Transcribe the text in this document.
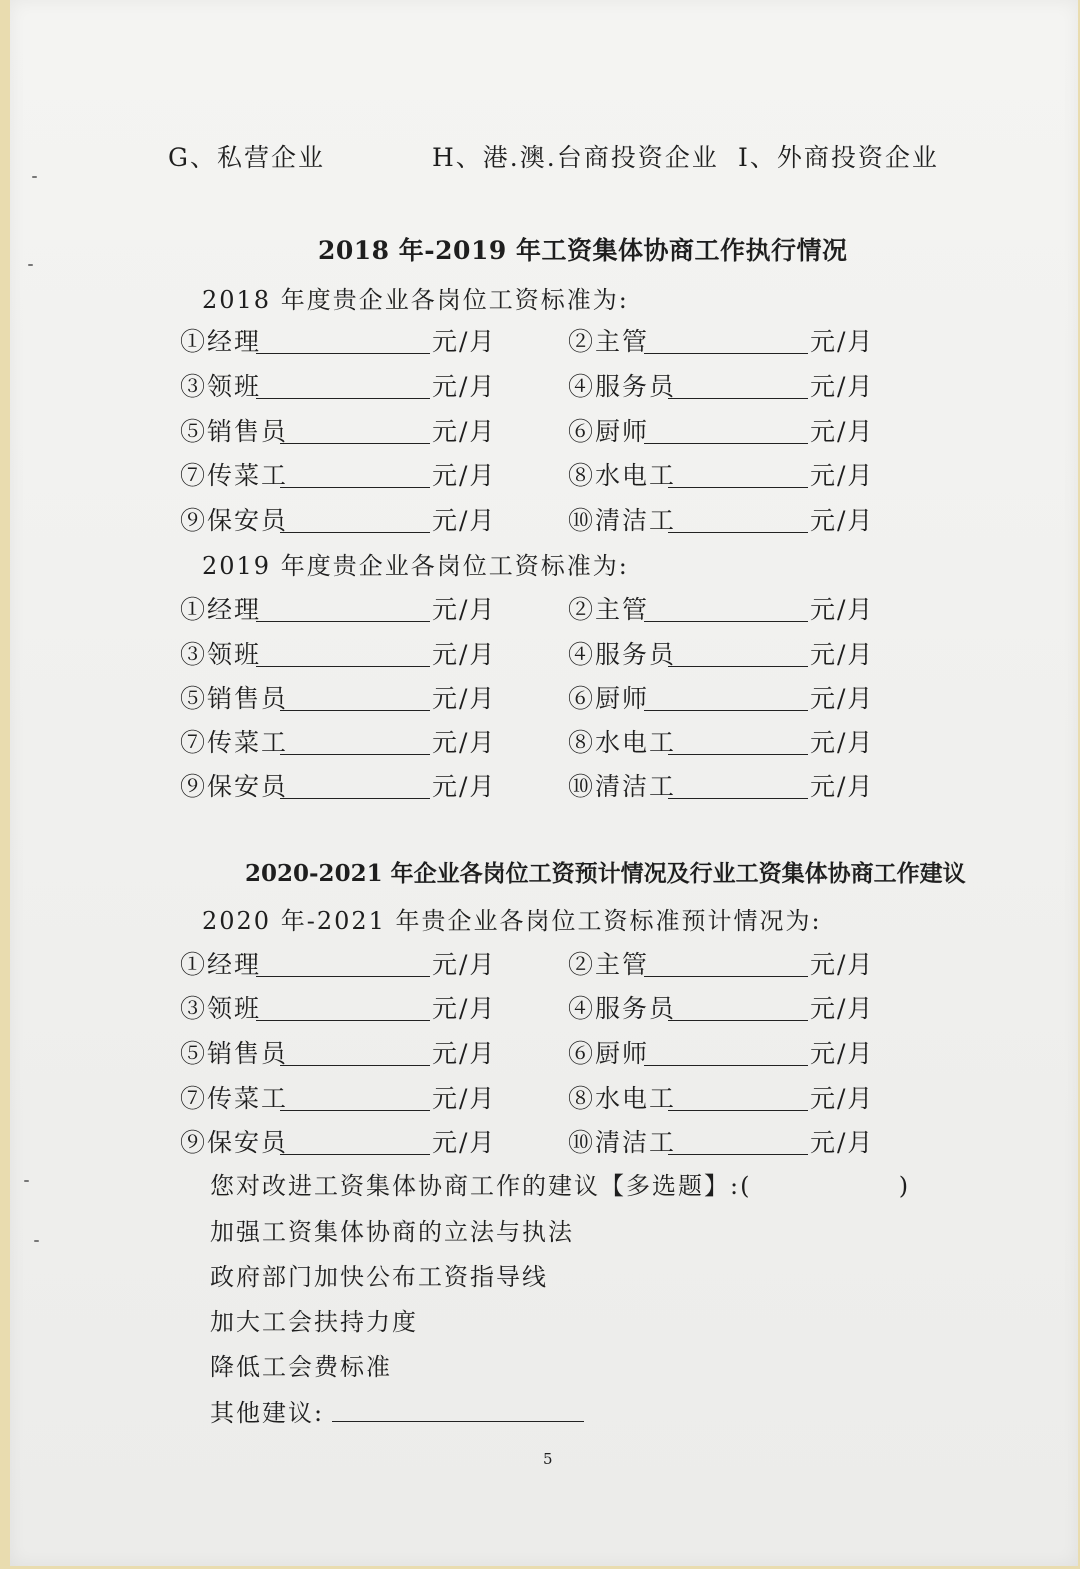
G、私营企业	H、港.澳.台商投资企业 I、外商投资企业
2018 年-2019 年工资集体协商工作执行情况
2018 年度贵企业各岗位工资标准为:
①经理	元/月	②主管	元/月
③领班	元/月	④服务员	元/月
⑤销售员	元/月	⑥厨师	元/月
⑦传菜工	元/月	⑧水电工	元/月
⑨保安员	元/月	⑩清洁工	元/月
2019 年度贵企业各岗位工资标准为:
①经理	元/月	②主管	元/月
③领班	元/月	④服务员	元/月
⑤销售员	元/月	⑥厨师	元/月
⑦传菜工	元/月	⑧水电工	元/月
⑨保安员	元/月	⑩清洁工	元/月
2020-2021 年企业各岗位工资预计情况及行业工资集体协商工作建议
2020 年-2021 年贵企业各岗位工资标准预计情况为:
①经理	元/月	②主管	元/月
③领班	元/月	④服务员	元/月
⑤销售员	元/月	⑥厨师	元/月
⑦传菜工	元/月	⑧水电工	元/月
⑨保安员	元/月	⑩清洁工	元/月
您对改进工资集体协商工作的建议【多选题】:(	)
加强工资集体协商的立法与执法
政府部门加快公布工资指导线
加大工会扶持力度
降低工会费标准
其他建议:
5
